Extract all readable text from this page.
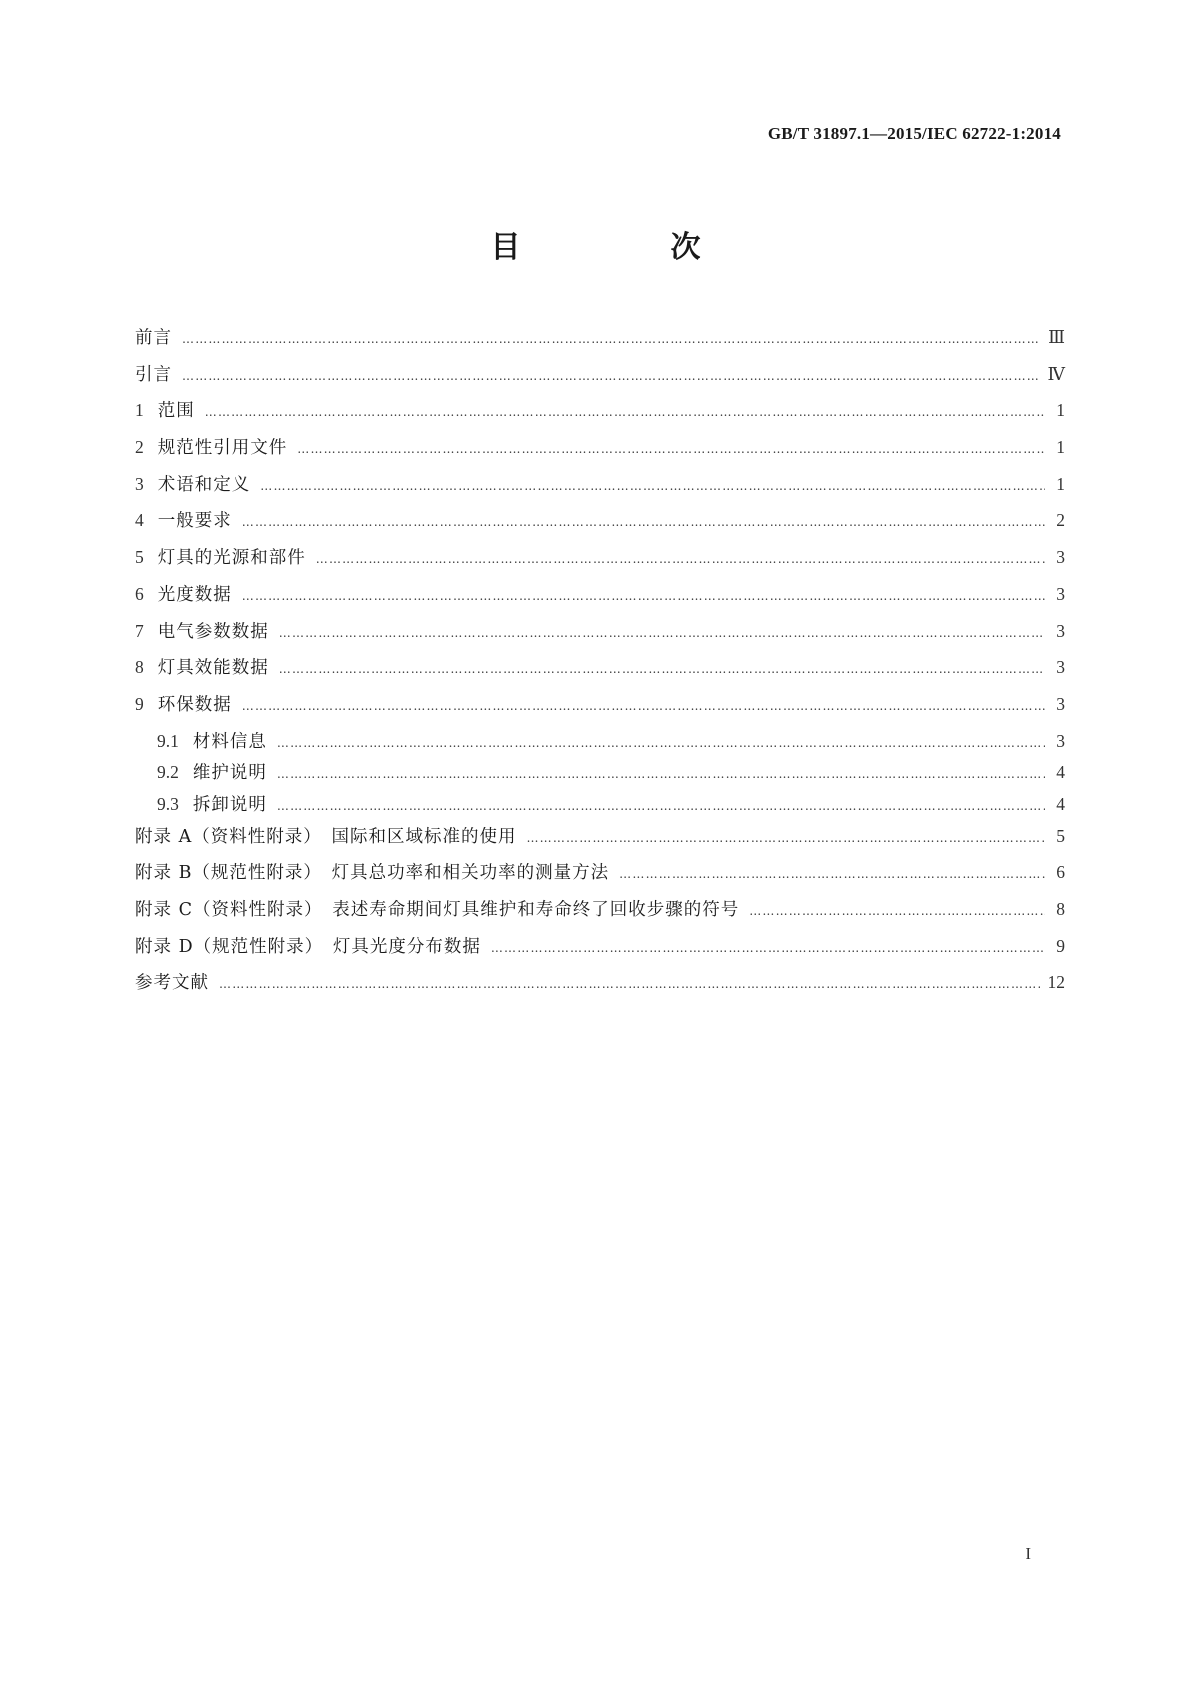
GB/T 31897.1—2015/IEC 62722-1:2014
目　次
前言 …………………………………………………………………………………………………………………………………………………………………………………………………………………………………………………………………………………………………	Ⅲ
引言 …………………………………………………………………………………………………………………………………………………………………………………………………………………………………………………………………………………………………	Ⅳ
1 范围 …………………………………………………………………………………………………………………………………………………………………………………………………………………………………………………………………………………………………	1
2 规范性引用文件 …………………………………………………………………………………………………………………………………………………………………………………………………………………………………………………………………………………………………	1
3 术语和定义 …………………………………………………………………………………………………………………………………………………………………………………………………………………………………………………………………………………………………	1
4 一般要求 …………………………………………………………………………………………………………………………………………………………………………………………………………………………………………………………………………………………………	2
5 灯具的光源和部件 …………………………………………………………………………………………………………………………………………………………………………………………………………………………………………………………………………………………………	3
6 光度数据 …………………………………………………………………………………………………………………………………………………………………………………………………………………………………………………………………………………………………	3
7 电气参数数据 …………………………………………………………………………………………………………………………………………………………………………………………………………………………………………………………………………………………………	3
8 灯具效能数据 …………………………………………………………………………………………………………………………………………………………………………………………………………………………………………………………………………………………………	3
9 环保数据 …………………………………………………………………………………………………………………………………………………………………………………………………………………………………………………………………………………………………	3
9.1 材料信息 …………………………………………………………………………………………………………………………………………………………………………………………………………………………………………………………………………………………………	3
9.2 维护说明 …………………………………………………………………………………………………………………………………………………………………………………………………………………………………………………………………………………………………	4
9.3 拆卸说明 …………………………………………………………………………………………………………………………………………………………………………………………………………………………………………………………………………………………………	4
附录 A（资料性附录）　国际和区域标准的使用 …………………………………………………………………………………………………………………………………………………………………………………………………………………………………………………………………………………………………	5
附录 B（规范性附录）　灯具总功率和相关功率的测量方法 …………………………………………………………………………………………………………………………………………………………………………………………………………………………………………………………………………………………………	6
附录 C（资料性附录）　表述寿命期间灯具维护和寿命终了回收步骤的符号 …………………………………………………………………………………………………………………………………………………………………………………………………………………………………………………………………………………………………	8
附录 D（规范性附录）　灯具光度分布数据 …………………………………………………………………………………………………………………………………………………………………………………………………………………………………………………………………………………………………	9
参考文献 …………………………………………………………………………………………………………………………………………………………………………………………………………………………………………………………………………………………………	12
I
